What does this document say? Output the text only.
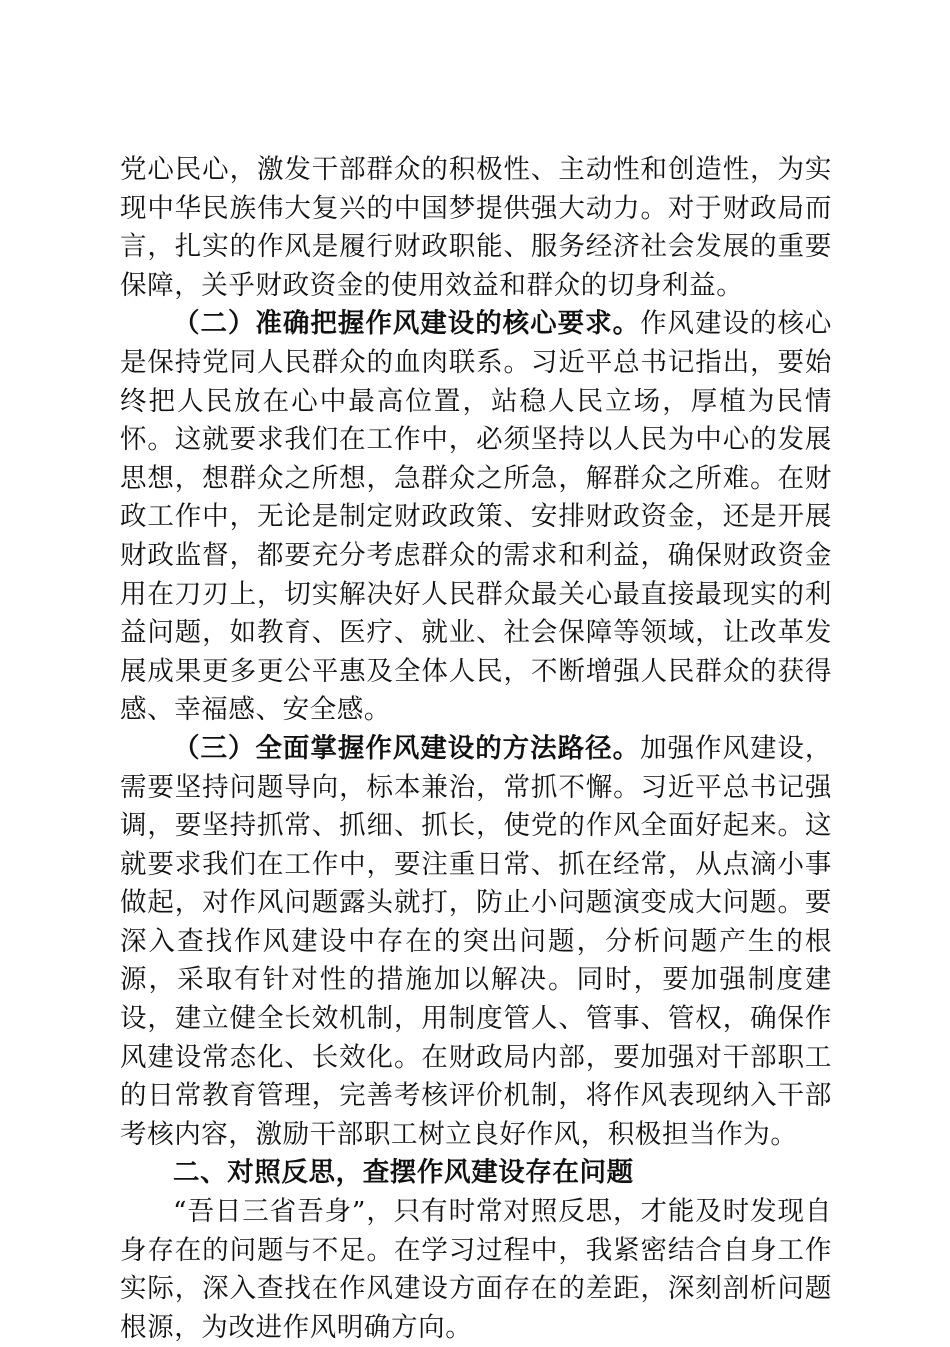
党心民心，激发干部群众的积极性、主动性和创造性，为实现中华民族伟大复兴的中国梦提供强大动力。对于财政局而言，扎实的作风是履行财政职能、服务经济社会发展的重要保障，关乎财政资金的使用效益和群众的切身利益。

（二）准确把握作风建设的核心要求。作风建设的核心是保持党同人民群众的血肉联系。习近平总书记指出，要始终把人民放在心中最高位置，站稳人民立场，厚植为民情怀。这就要求我们在工作中，必须坚持以人民为中心的发展思想，想群众之所想，急群众之所急，解群众之所难。在财政工作中，无论是制定财政政策、安排财政资金，还是开展财政监督，都要充分考虑群众的需求和利益，确保财政资金用在刀刃上，切实解决好人民群众最关心最直接最现实的利益问题，如教育、医疗、就业、社会保障等领域，让改革发展成果更多更公平惠及全体人民，不断增强人民群众的获得感、幸福感、安全感。

（三）全面掌握作风建设的方法路径。加强作风建设，需要坚持问题导向，标本兼治，常抓不懈。习近平总书记强调，要坚持抓常、抓细、抓长，使党的作风全面好起来。这就要求我们在工作中，要注重日常、抓在经常，从点滴小事做起，对作风问题露头就打，防止小问题演变成大问题。要深入查找作风建设中存在的突出问题，分析问题产生的根源，采取有针对性的措施加以解决。同时，要加强制度建设，建立健全长效机制，用制度管人、管事、管权，确保作风建设常态化、长效化。在财政局内部，要加强对干部职工的日常教育管理，完善考核评价机制，将作风表现纳入干部考核内容，激励干部职工树立良好作风，积极担当作为。

二、对照反思，查摆作风建设存在问题

“吾日三省吾身”，只有时常对照反思，才能及时发现自身存在的问题与不足。在学习过程中，我紧密结合自身工作实际，深入查找在作风建设方面存在的差距，深刻剖析问题根源，为改进作风明确方向。
